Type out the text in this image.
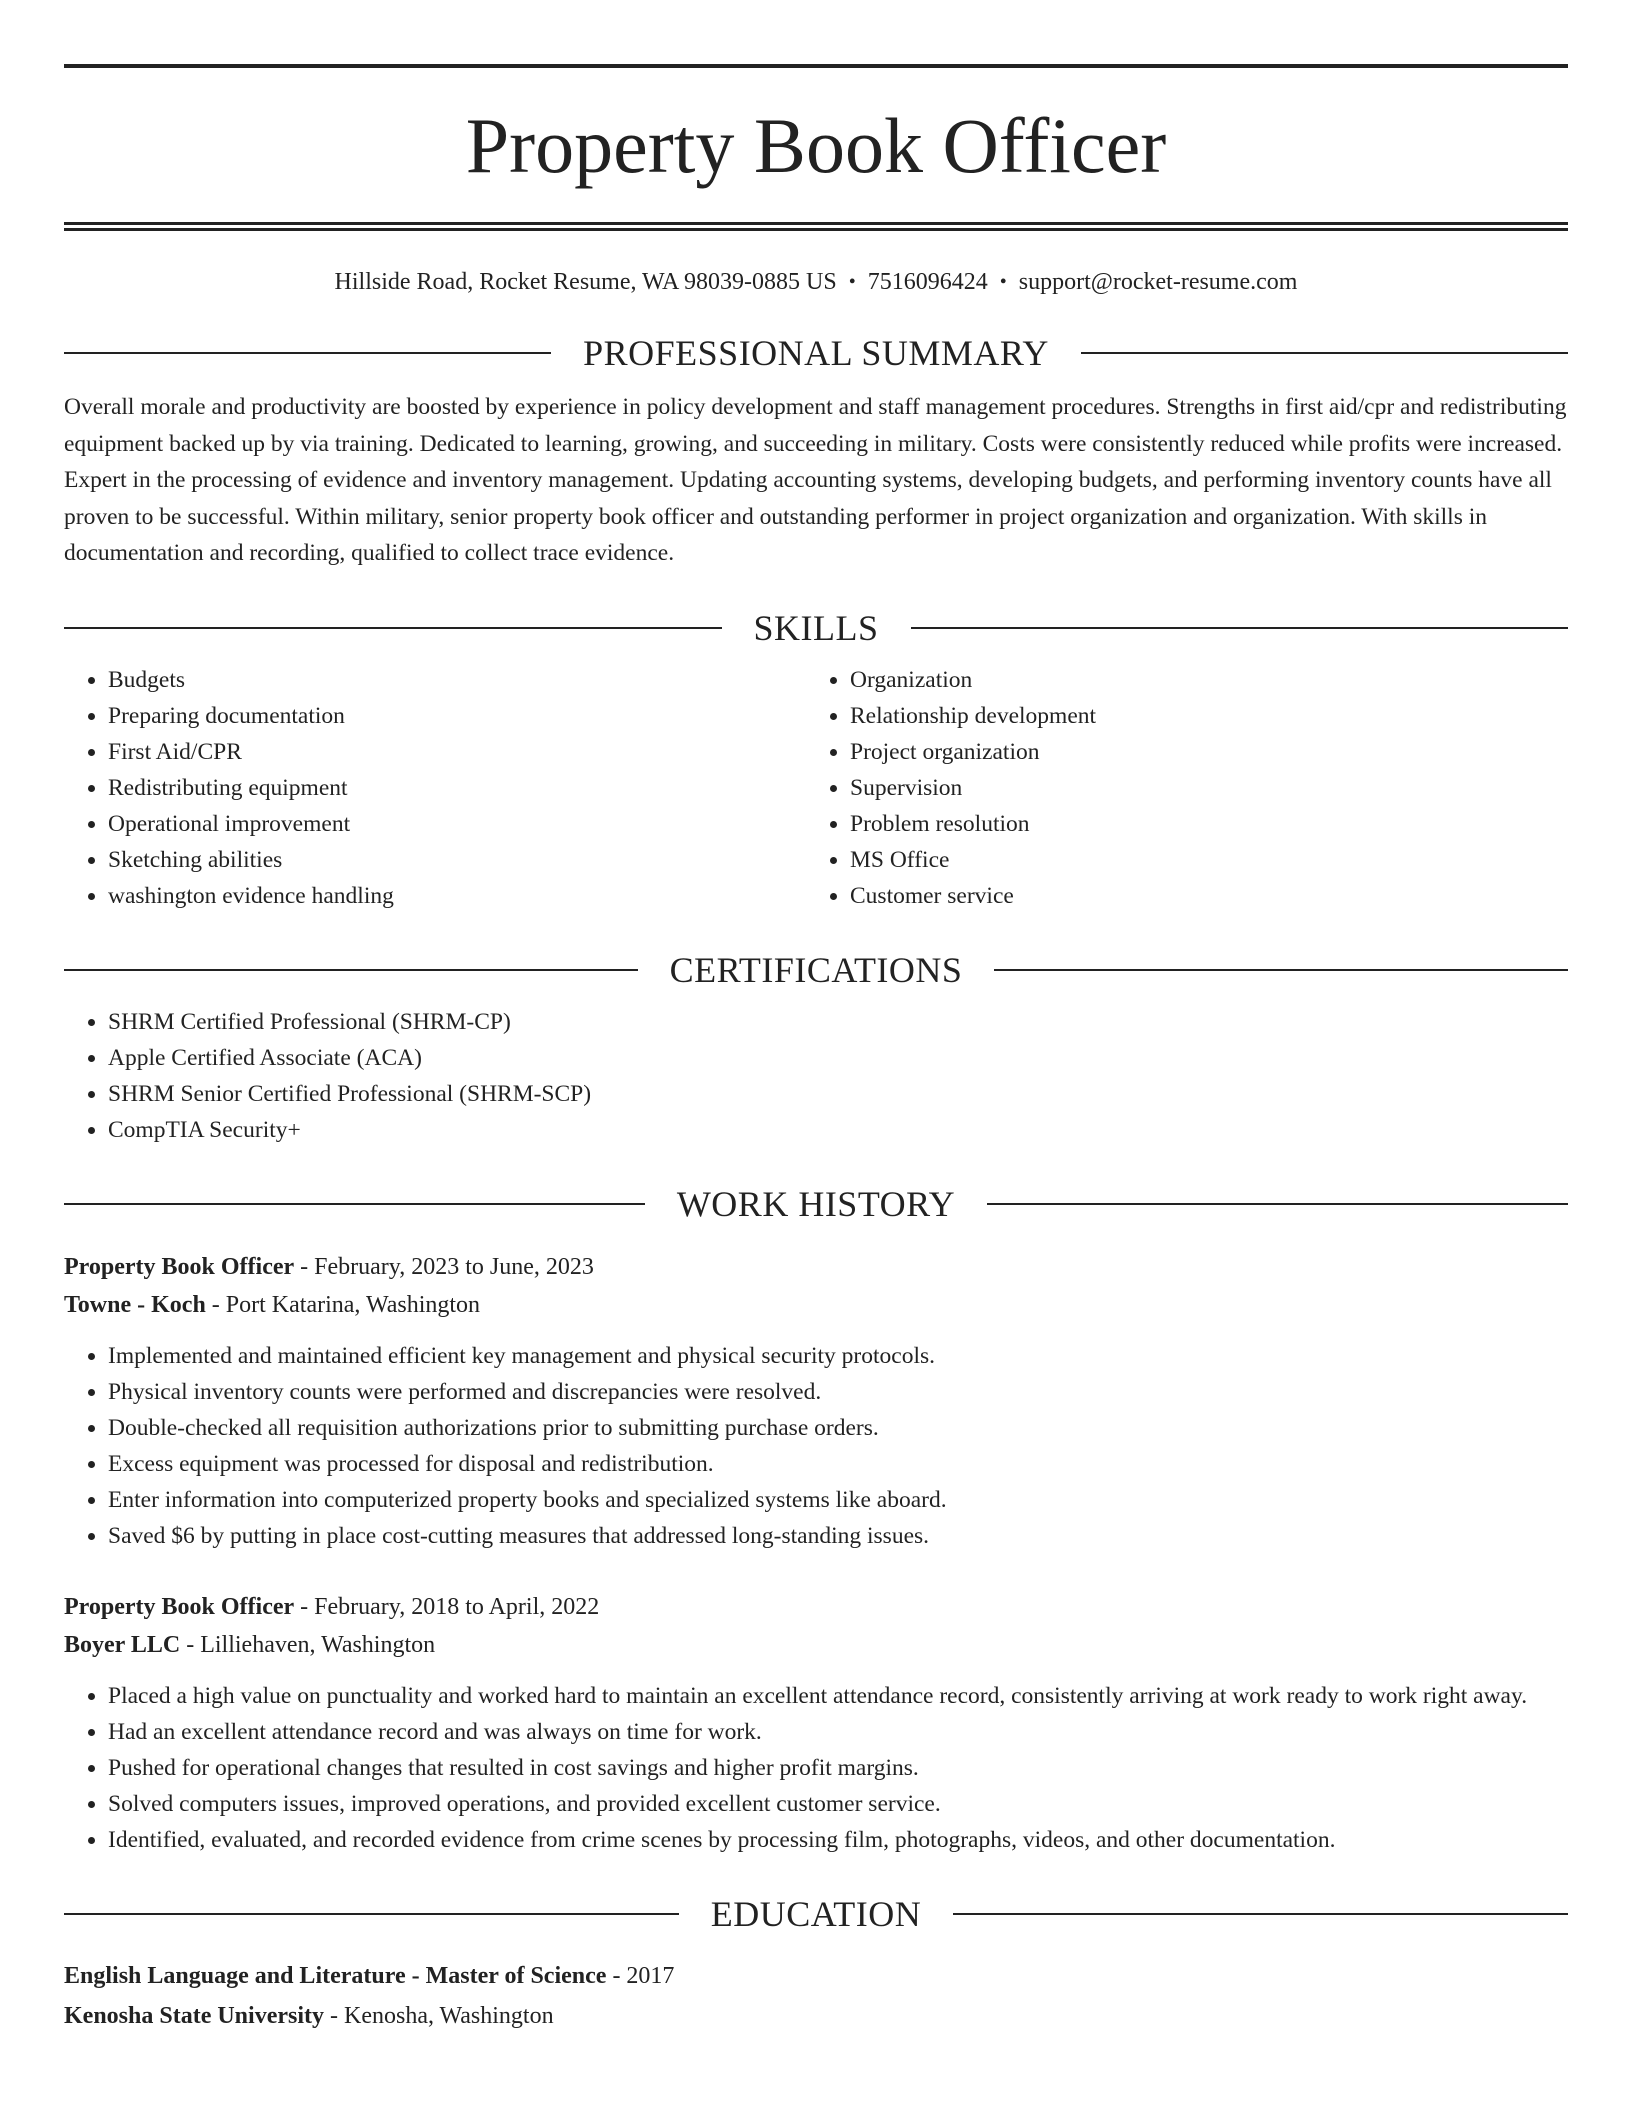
Property Book Officer
Hillside Road, Rocket Resume, WA 98039-0885 US • 7516096424 • support@rocket-resume.com
PROFESSIONAL SUMMARY
Overall morale and productivity are boosted by experience in policy development and staff management procedures. Strengths in first aid/cpr and redistributing equipment backed up by via training. Dedicated to learning, growing, and succeeding in military. Costs were consistently reduced while profits were increased. Expert in the processing of evidence and inventory management. Updating accounting systems, developing budgets, and performing inventory counts have all proven to be successful. Within military, senior property book officer and outstanding performer in project organization and organization. With skills in documentation and recording, qualified to collect trace evidence.
SKILLS
• Budgets
• Preparing documentation
• First Aid/CPR
• Redistributing equipment
• Operational improvement
• Sketching abilities
• washington evidence handling
• Organization
• Relationship development
• Project organization
• Supervision
• Problem resolution
• MS Office
• Customer service
CERTIFICATIONS
• SHRM Certified Professional (SHRM-CP)
• Apple Certified Associate (ACA)
• SHRM Senior Certified Professional (SHRM-SCP)
• CompTIA Security+
WORK HISTORY
Property Book Officer - February, 2023 to June, 2023
Towne - Koch - Port Katarina, Washington
• Implemented and maintained efficient key management and physical security protocols.
• Physical inventory counts were performed and discrepancies were resolved.
• Double-checked all requisition authorizations prior to submitting purchase orders.
• Excess equipment was processed for disposal and redistribution.
• Enter information into computerized property books and specialized systems like aboard.
• Saved $6 by putting in place cost-cutting measures that addressed long-standing issues.
Property Book Officer - February, 2018 to April, 2022
Boyer LLC - Lilliehaven, Washington
• Placed a high value on punctuality and worked hard to maintain an excellent attendance record, consistently arriving at work ready to work right away.
• Had an excellent attendance record and was always on time for work.
• Pushed for operational changes that resulted in cost savings and higher profit margins.
• Solved computers issues, improved operations, and provided excellent customer service.
• Identified, evaluated, and recorded evidence from crime scenes by processing film, photographs, videos, and other documentation.
EDUCATION
English Language and Literature - Master of Science - 2017
Kenosha State University - Kenosha, Washington
